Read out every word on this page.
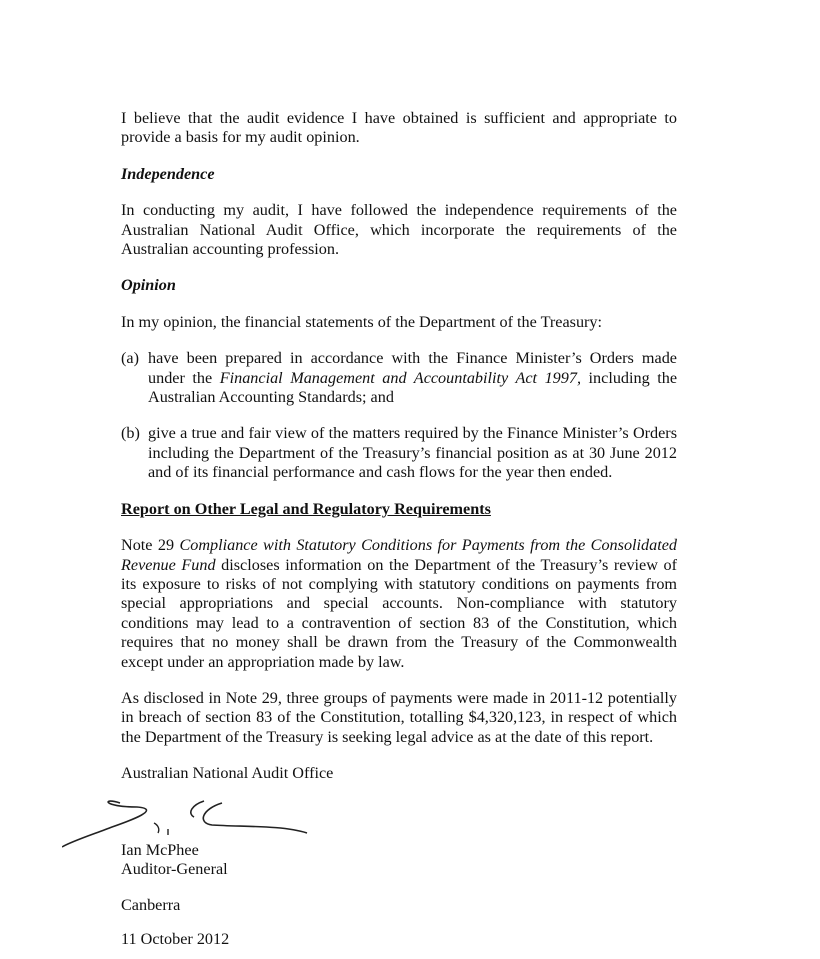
I believe that the audit evidence I have obtained is sufficient and appropriate to provide a basis for my audit opinion.

Independence

In conducting my audit, I have followed the independence requirements of the Australian National Audit Office, which incorporate the requirements of the Australian accounting profession.

Opinion

In my opinion, the financial statements of the Department of the Treasury:

(a) have been prepared in accordance with the Finance Minister’s Orders made under the Financial Management and Accountability Act 1997, including the Australian Accounting Standards; and
(b) give a true and fair view of the matters required by the Finance Minister’s Orders including the Department of the Treasury’s financial position as at 30 June 2012 and of its financial performance and cash flows for the year then ended.

Report on Other Legal and Regulatory Requirements

Note 29 Compliance with Statutory Conditions for Payments from the Consolidated Revenue Fund discloses information on the Department of the Treasury’s review of its exposure to risks of not complying with statutory conditions on payments from special appropriations and special accounts. Non-compliance with statutory conditions may lead to a contravention of section 83 of the Constitution, which requires that no money shall be drawn from the Treasury of the Commonwealth except under an appropriation made by law.

As disclosed in Note 29, three groups of payments were made in 2011-12 potentially in breach of section 83 of the Constitution, totalling $4,320,123, in respect of which the Department of the Treasury is seeking legal advice as at the date of this report.

Australian National Audit Office

Ian McPhee
Auditor-General
Canberra
11 October 2012
